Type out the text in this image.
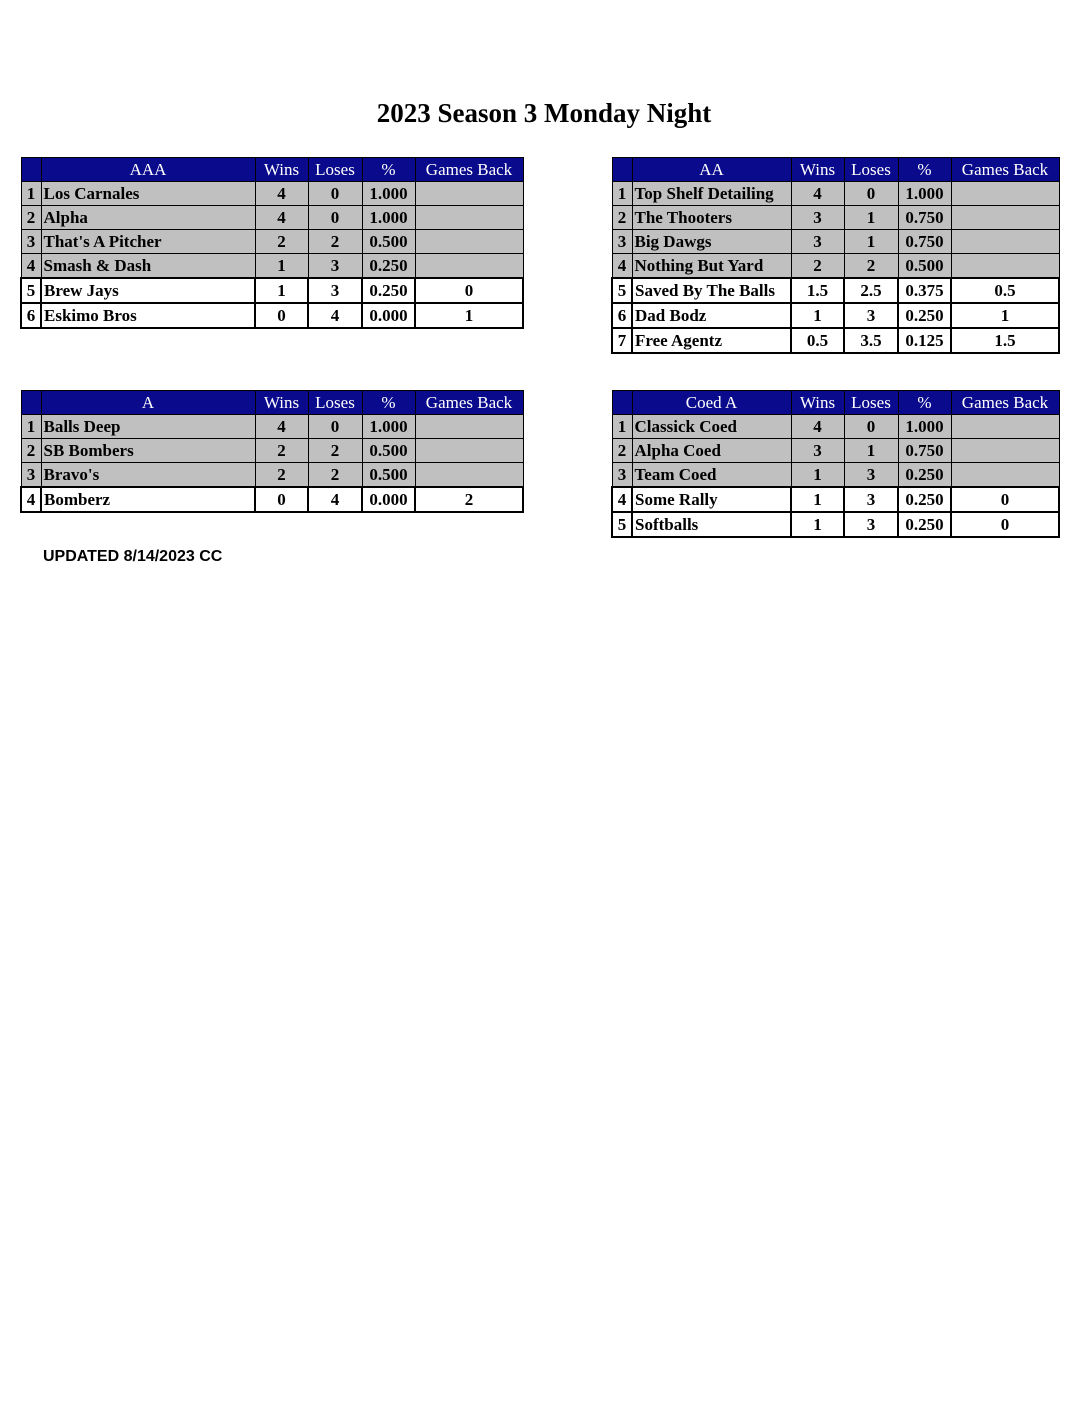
2023 Season 3 Monday Night
	AAA	Wins	Loses	%	Games Back
1	Los Carnales	4	0	1.000	
2	Alpha	4	0	1.000	
3	That's A Pitcher	2	2	0.500	
4	Smash & Dash	1	3	0.250	
5	Brew Jays	1	3	0.250	0
6	Eskimo Bros	0	4	0.000	1
	AA	Wins	Loses	%	Games Back
1	Top Shelf Detailing	4	0	1.000	
2	The Thooters	3	1	0.750	
3	Big Dawgs	3	1	0.750	
4	Nothing But Yard	2	2	0.500	
5	Saved By The Balls	1.5	2.5	0.375	0.5
6	Dad Bodz	1	3	0.250	1
7	Free Agentz	0.5	3.5	0.125	1.5
	A	Wins	Loses	%	Games Back
1	Balls Deep	4	0	1.000	
2	SB Bombers	2	2	0.500	
3	Bravo's	2	2	0.500	
4	Bomberz	0	4	0.000	2
	Coed A	Wins	Loses	%	Games Back
1	Classick Coed	4	0	1.000	
2	Alpha Coed	3	1	0.750	
3	Team Coed	1	3	0.250	
4	Some Rally	1	3	0.250	0
5	Softballs	1	3	0.250	0
UPDATED 8/14/2023 CC
